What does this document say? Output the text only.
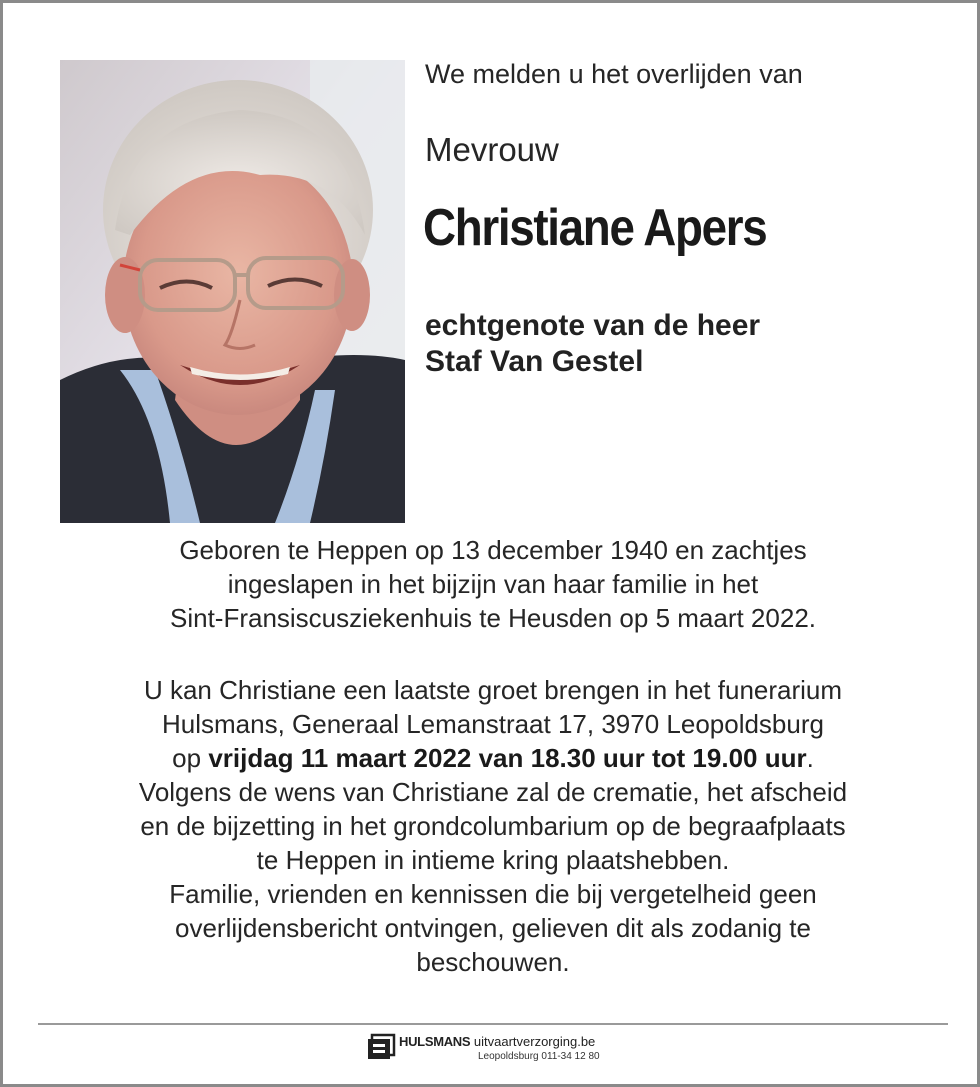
We melden u het overlijden van
Mevrouw
Christiane Apers
echtgenote van de heer
Staf Van Gestel
Geboren te Heppen op 13 december 1940 en zachtjes
ingeslapen in het bijzijn van haar familie in het
Sint-Fransiscusziekenhuis te Heusden op 5 maart 2022.
U kan Christiane een laatste groet brengen in het funerarium
Hulsmans, Generaal Lemanstraat 17, 3970 Leopoldsburg
op vrijdag 11 maart 2022 van 18.30 uur tot 19.00 uur.
Volgens de wens van Christiane zal de crematie, het afscheid
en de bijzetting in het grondcolumbarium op de begraafplaats
te Heppen in intieme kring plaatshebben.
Familie, vrienden en kennissen die bij vergetelheid geen
overlijdensbericht ontvingen, gelieven dit als zodanig te
beschouwen.
HULSMANS uitvaartverzorging.be
Leopoldsburg 011-34 12 80
